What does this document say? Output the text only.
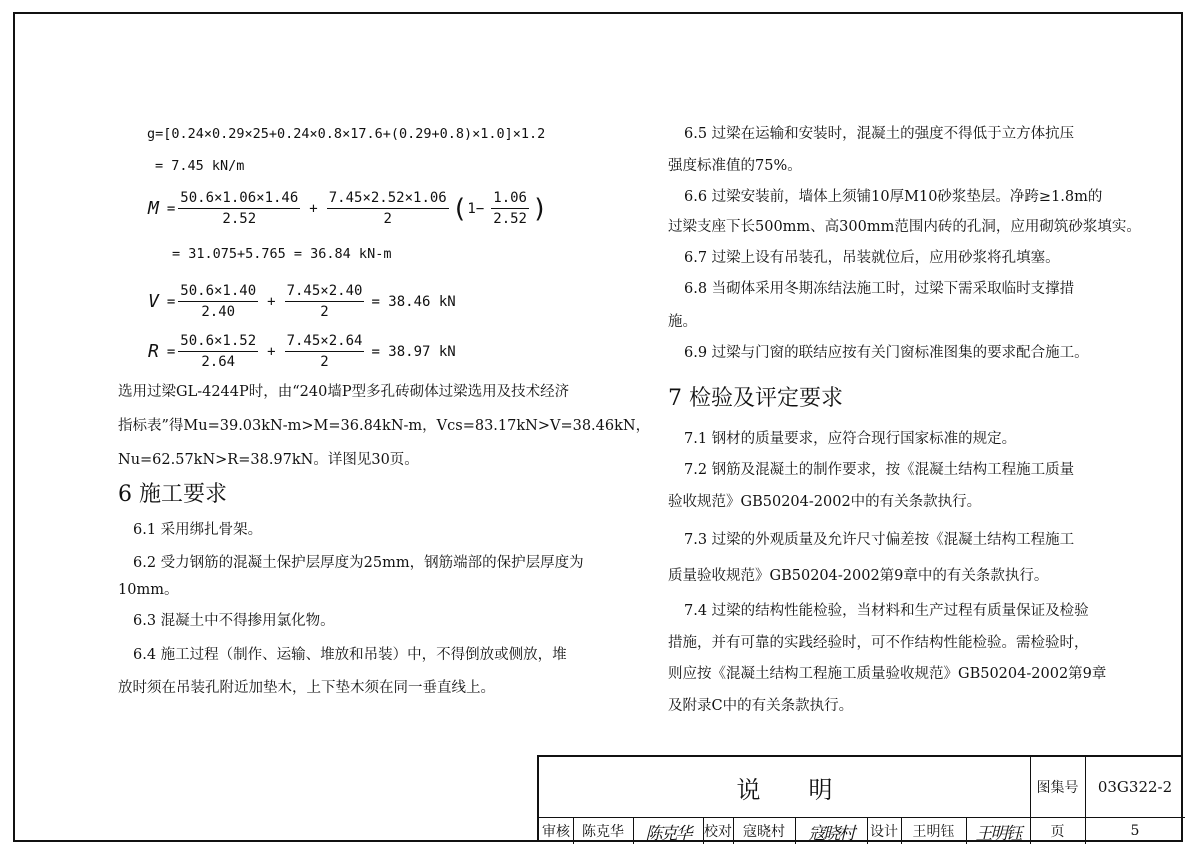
g=[0.24×0.29×25+0.24×0.8×17.6+(0.29+0.8)×1.0]×1.2
= 7.45 kN/m
$M = \frac{50.6\times 1.06\times 1.46}{2.52} + \frac{7.45\times 2.52\times 1.06}{2}$ ( $1- \frac{1.06}{2.52}$ )
= 31.075+5.765 = 36.84 kN-m
$V = \frac{50.6\times 1.40}{2.40} + \frac{7.45\times 2.40}{2} = 38.46$ kN
$R = \frac{50.6\times 1.52}{2.64} + \frac{7.45\times 2.64}{2} = 38.97$ kN
选用过梁GL-4244P时，由“240墙P型多孔砖砌体过梁选用及技术经济
指标表”得Mu=39.03kN-m>M=36.84kN-m，Vcs=83.17kN>V=38.46kN，
Nu=62.57kN>R=38.97kN。详图见30页。
6 施工要求
6.1 采用绑扎骨架。
6.2 受力钢筋的混凝土保护层厚度为25mm，钢筋端部的保护层厚度为
10mm。
6.3 混凝土中不得掺用氯化物。
6.4 施工过程（制作、运输、堆放和吊装）中，不得倒放或侧放，堆
放时须在吊装孔附近加垫木，上下垫木须在同一垂直线上。
6.5 过梁在运输和安装时，混凝土的强度不得低于立方体抗压
强度标准值的75%。
6.6 过梁安装前，墙体上须铺10厚M10砂浆垫层。净跨≥1.8m的
过梁支座下长500mm、高300mm范围内砖的孔洞，应用砌筑砂浆填实。
6.7 过梁上设有吊装孔，吊装就位后，应用砂浆将孔填塞。
6.8 当砌体采用冬期冻结法施工时，过梁下需采取临时支撑措
施。
6.9 过梁与门窗的联结应按有关门窗标准图集的要求配合施工。
7 检验及评定要求
7.1 钢材的质量要求，应符合现行国家标准的规定。
7.2 钢筋及混凝土的制作要求，按《混凝土结构工程施工质量
验收规范》GB50204-2002中的有关条款执行。
7.3 过梁的外观质量及允许尺寸偏差按《混凝土结构工程施工
质量验收规范》GB50204-2002第9章中的有关条款执行。
7.4 过梁的结构性能检验，当材料和生产过程有质量保证及检验
措施，并有可靠的实践经验时，可不作结构性能检验。需检验时，
则应按《混凝土结构工程施工质量验收规范》GB50204-2002第9章
及附录C中的有关条款执行。
说　　明	图集号	03G322-2
审核 陈克华	陈克华 校对 寇晓村	寇晓村	设计	王明钰	王明钰	页	5
